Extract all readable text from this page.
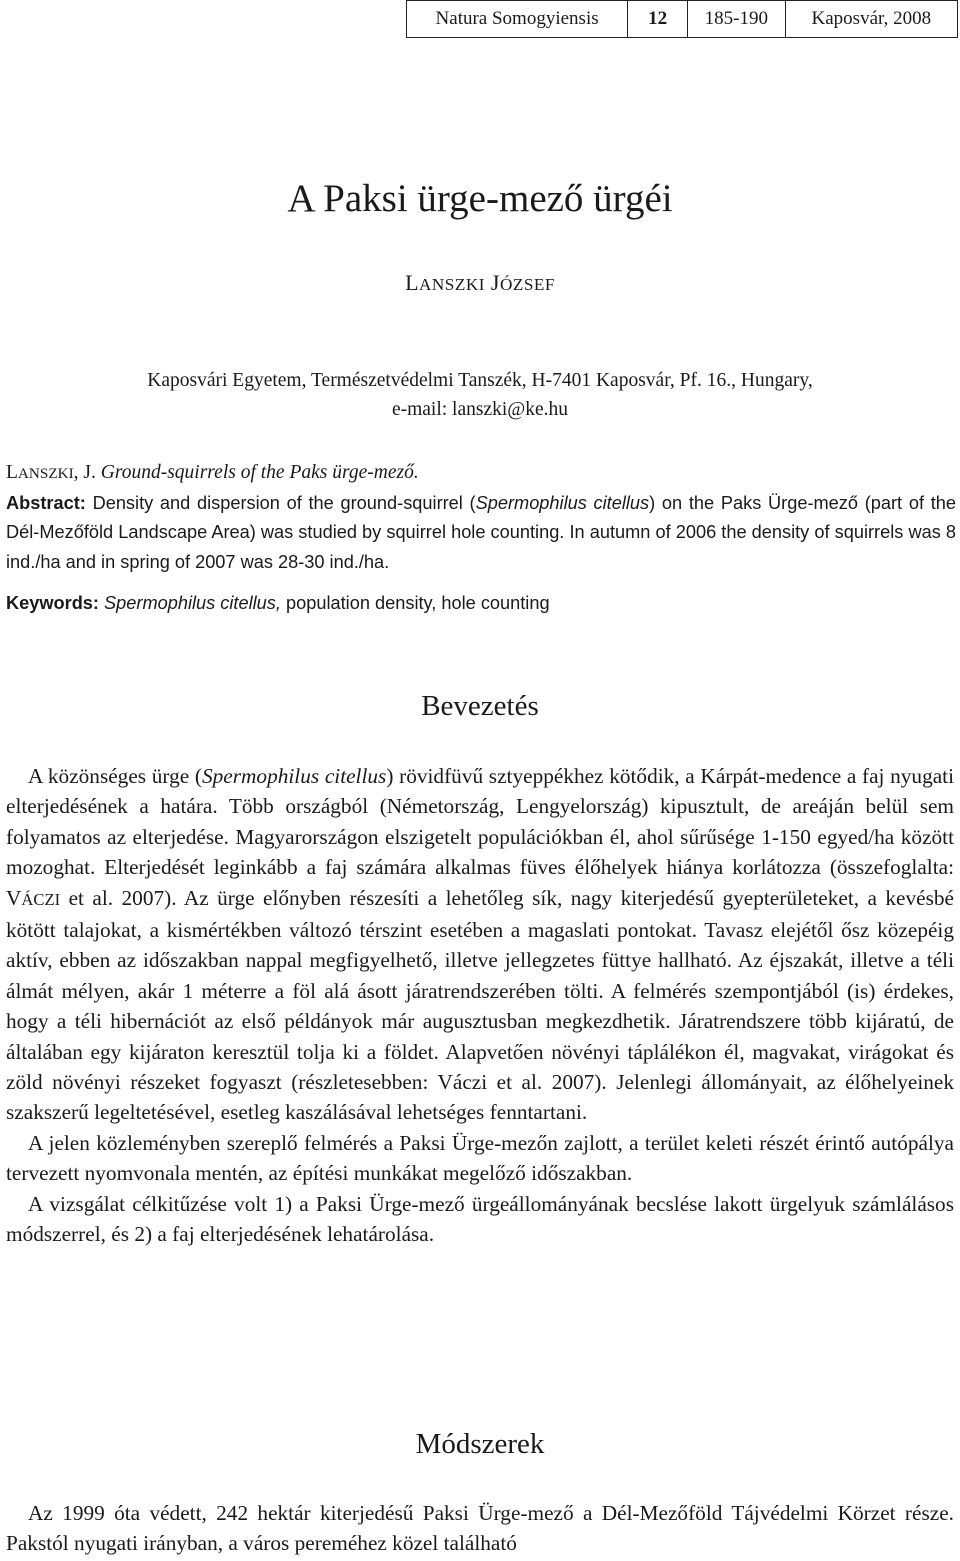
Natura Somogyiensis	12	185-190	Kaposvár, 2008
A Paksi ürge-mező ürgéi
LANSZKI JÓZSEF
Kaposvári Egyetem, Természetvédelmi Tanszék, H-7401 Kaposvár, Pf. 16., Hungary,
e-mail: lanszki@ke.hu
LANSZKI, J. Ground-squirrels of the Paks ürge-mező.
Abstract: Density and dispersion of the ground-squirrel (Spermophilus citellus) on the Paks Ürge-mező (part of the Dél-Mezőföld Landscape Area) was studied by squirrel hole counting. In autumn of 2006 the density of squirrels was 8 ind./ha and in spring of 2007 was 28-30 ind./ha.
Keywords: Spermophilus citellus, population density, hole counting
Bevezetés

A közönséges ürge (Spermophilus citellus) rövidfüvű sztyeppékhez kötődik, a Kárpát-medence a faj nyugati elterjedésének a határa. Több országból (Németország, Lengyelország) kipusztult, de areáján belül sem folyamatos az elterjedése. Magyarországon elszigetelt populációkban él, ahol sűrűsége 1-150 egyed/ha között mozoghat. Elterjedését leginkább a faj számára alkalmas füves élőhelyek hiánya korlátozza (összefoglalta: VÁCZI et al. 2007). Az ürge előnyben részesíti a lehetőleg sík, nagy kiterjedésű gyepterületeket, a kevésbé kötött talajokat, a kismértékben változó térszint esetében a magaslati pontokat. Tavasz elejétől ősz közepéig aktív, ebben az időszakban nappal megfigyelhető, illetve jellegzetes füttye hallható. Az éjszakát, illetve a téli álmát mélyen, akár 1 méterre a föl alá ásott járatrendszerében tölti. A felmérés szempontjából (is) érdekes, hogy a téli hibernációt az első példányok már augusztusban megkezdhetik. Járatrendszere több kijáratú, de általában egy kijáraton keresztül tolja ki a földet. Alapvetően növényi táplálékon él, magvakat, virágokat és zöld növényi részeket fogyaszt (részletesebben: Váczi et al. 2007). Jelenlegi állományait, az élőhelyeinek szakszerű legeltetésével, esetleg kaszálásával lehetséges fenntartani.

A jelen közleményben szereplő felmérés a Paksi Ürge-mezőn zajlott, a terület keleti részét érintő autópálya tervezett nyomvonala mentén, az építési munkákat megelőző időszakban.

A vizsgálat célkitűzése volt 1) a Paksi Ürge-mező ürgeállományának becslése lakott ürgelyuk számlálásos módszerrel, és 2) a faj elterjedésének lehatárolása.

Módszerek

Az 1999 óta védett, 242 hektár kiterjedésű Paksi Ürge-mező a Dél-Mezőföld Tájvédelmi Körzet része. Pakstól nyugati irányban, a város pereméhez közel található
